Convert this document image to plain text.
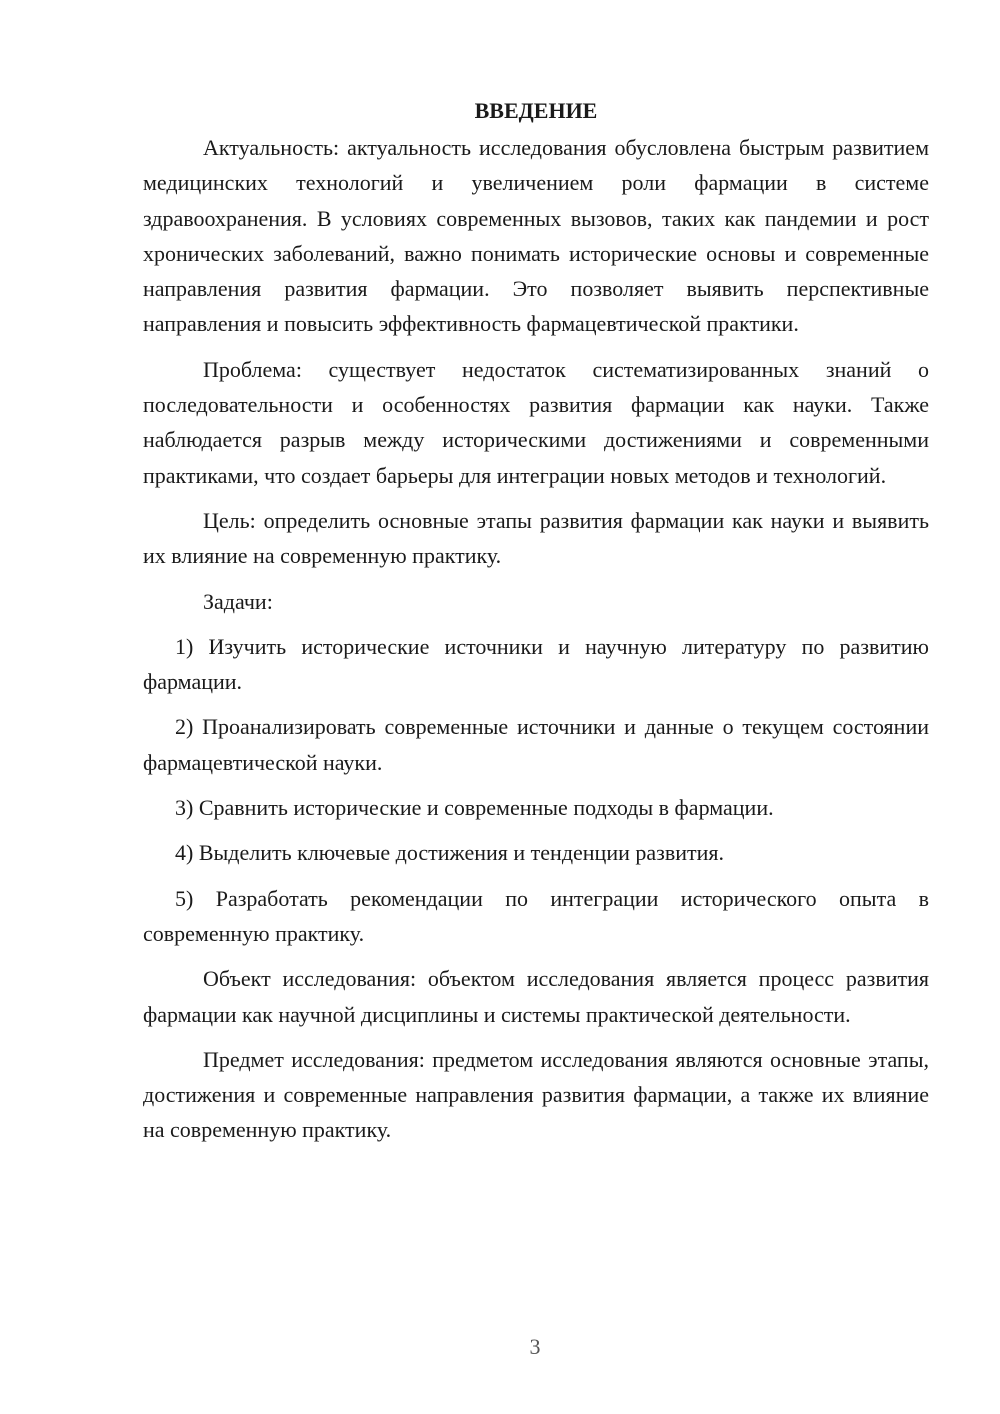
ВВЕДЕНИЕ

Актуальность: актуальность исследования обусловлена быстрым развитием медицинских технологий и увеличением роли фармации в системе здравоохранения. В условиях современных вызовов, таких как пандемии и рост хронических заболеваний, важно понимать исторические основы и современные направления развития фармации. Это позволяет выявить перспективные направления и повысить эффективность фармацевтической практики.

Проблема: существует недостаток систематизированных знаний о последовательности и особенностях развития фармации как науки. Также наблюдается разрыв между историческими достижениями и современными практиками, что создает барьеры для интеграции новых методов и технологий.

Цель: определить основные этапы развития фармации как науки и выявить их влияние на современную практику.

Задачи:

1) Изучить исторические источники и научную литературу по развитию фармации.

2) Проанализировать современные источники и данные о текущем состоянии фармацевтической науки.

3) Сравнить исторические и современные подходы в фармации.

4) Выделить ключевые достижения и тенденции развития.

5) Разработать рекомендации по интеграции исторического опыта в современную практику.

Объект исследования: объектом исследования является процесс развития фармации как научной дисциплины и системы практической деятельности.

Предмет исследования: предметом исследования являются основные этапы, достижения и современные направления развития фармации, а также их влияние на современную практику.

3
